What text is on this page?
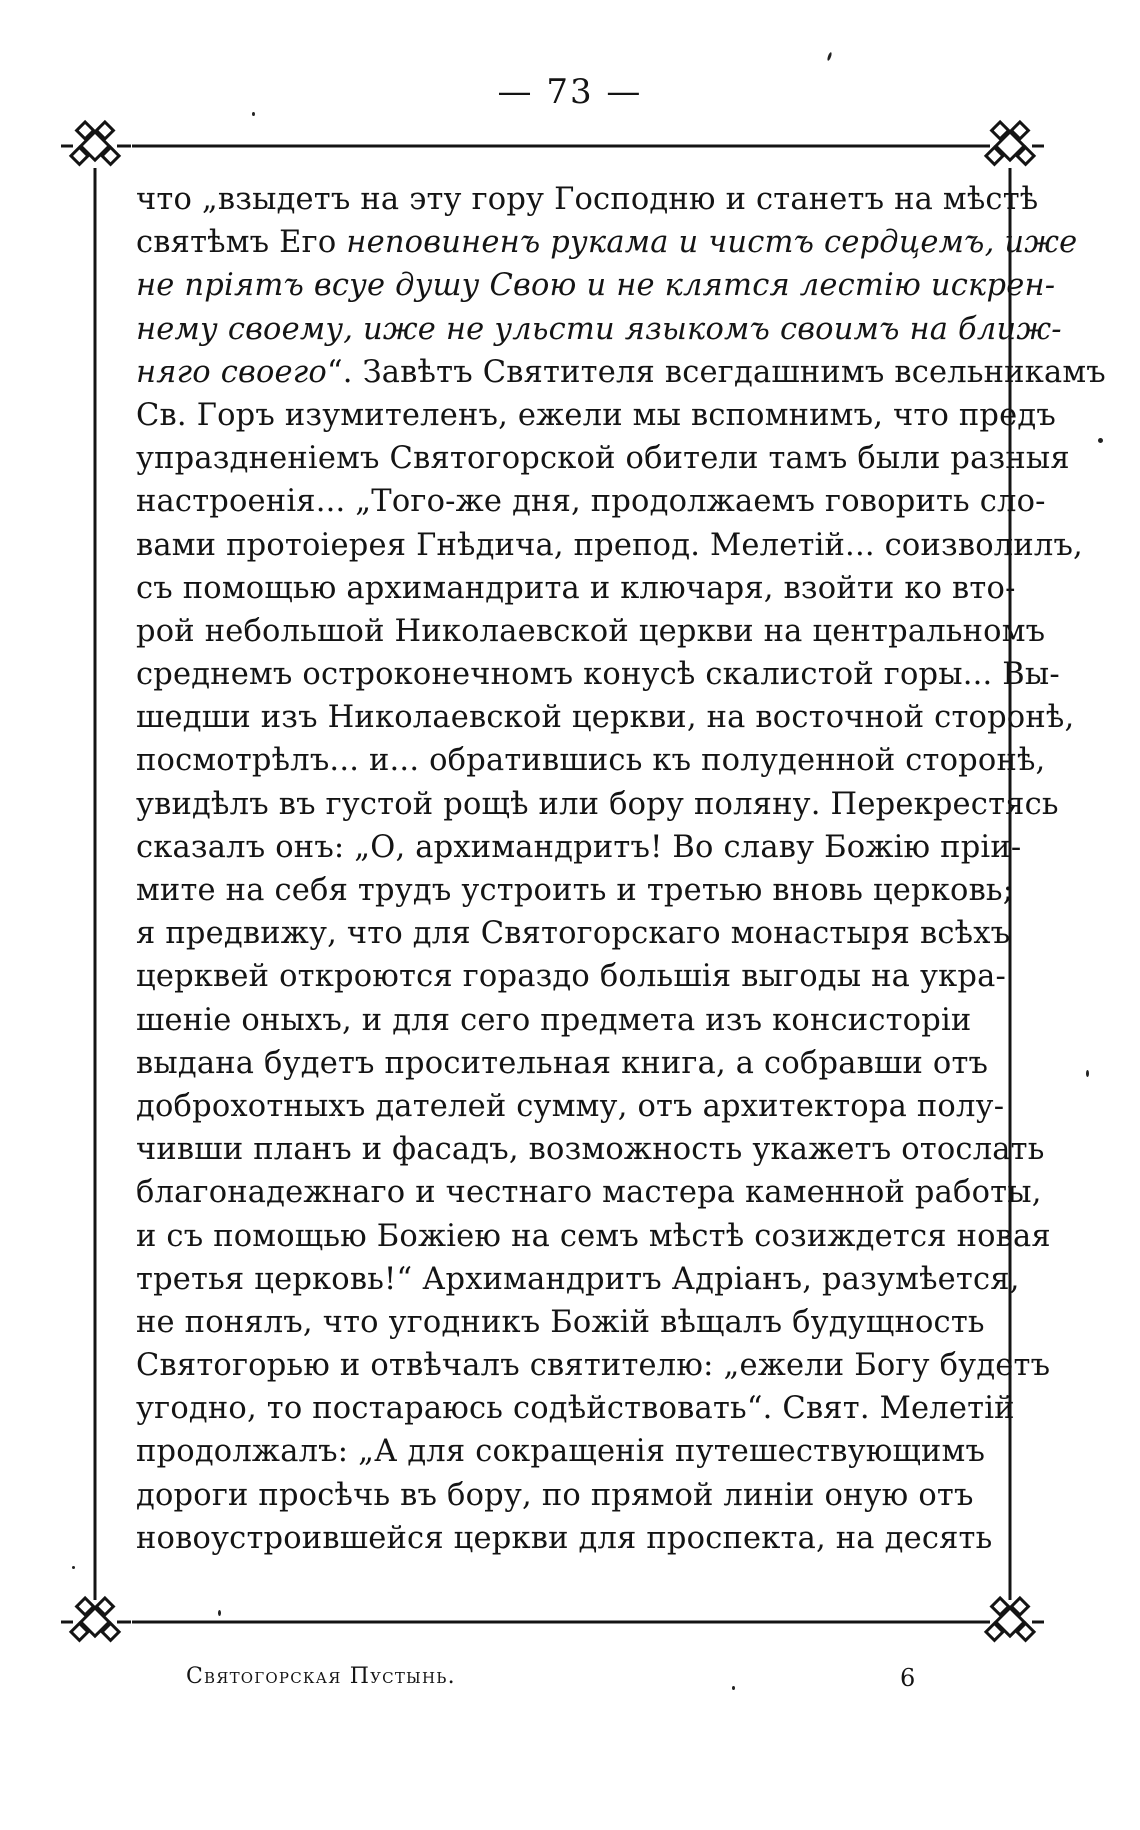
— 73 —
что „взыдетъ на эту гору Господню и станетъ на мѣстѣ
святѣмъ Его неповиненъ рукама и чистъ сердцемъ, иже
не пріятъ всуе душу Свою и не клятся лестію искрен-
нему своему, иже не ульсти языкомъ своимъ на ближ-
няго своего“. Завѣтъ Святителя всегдашнимъ всельникамъ
Св. Горъ изумителенъ, ежели мы вспомнимъ, что предъ
упраздненіемъ Святогорской обители тамъ были разныя
настроенія... „Того-же дня, продолжаемъ говорить сло-
вами протоіерея Гнѣдича, препод. Мелетій... соизволилъ,
съ помощью архимандрита и ключаря, взойти ко вто-
рой небольшой Николаевской церкви на центральномъ
среднемъ остроконечномъ конусѣ скалистой горы... Вы-
шедши изъ Николаевской церкви, на восточной сторонѣ,
посмотрѣлъ... и... обратившись къ полуденной сторонѣ,
увидѣлъ въ густой рощѣ или бору поляну. Перекрестясь
сказалъ онъ: „О, архимандритъ! Во славу Божію пріи-
мите на себя трудъ устроить и третью вновь церковь;
я предвижу, что для Святогорскаго монастыря всѣхъ
церквей откроются гораздо большія выгоды на укра-
шеніе оныхъ, и для сего предмета изъ консисторіи
выдана будетъ просительная книга, а собравши отъ
доброхотныхъ дателей сумму, отъ архитектора полу-
чивши планъ и фасадъ, возможность укажетъ отослать
благонадежнаго и честнаго мастера каменной работы,
и съ помощью Божіею на семъ мѣстѣ созиждется новая
третья церковь!“ Архимандритъ Адріанъ, разумѣется,
не понялъ, что угодникъ Божій вѣщалъ будущность
Святогорью и отвѣчалъ святителю: „ежели Богу будетъ
угодно, то постараюсь содѣйствовать“. Свят. Мелетій
продолжалъ: „А для сокращенія путешествующимъ
дороги просѣчь въ бору, по прямой линіи оную отъ
новоустроившейся церкви для проспекта, на десять
Святогорская Пустынь.	6
